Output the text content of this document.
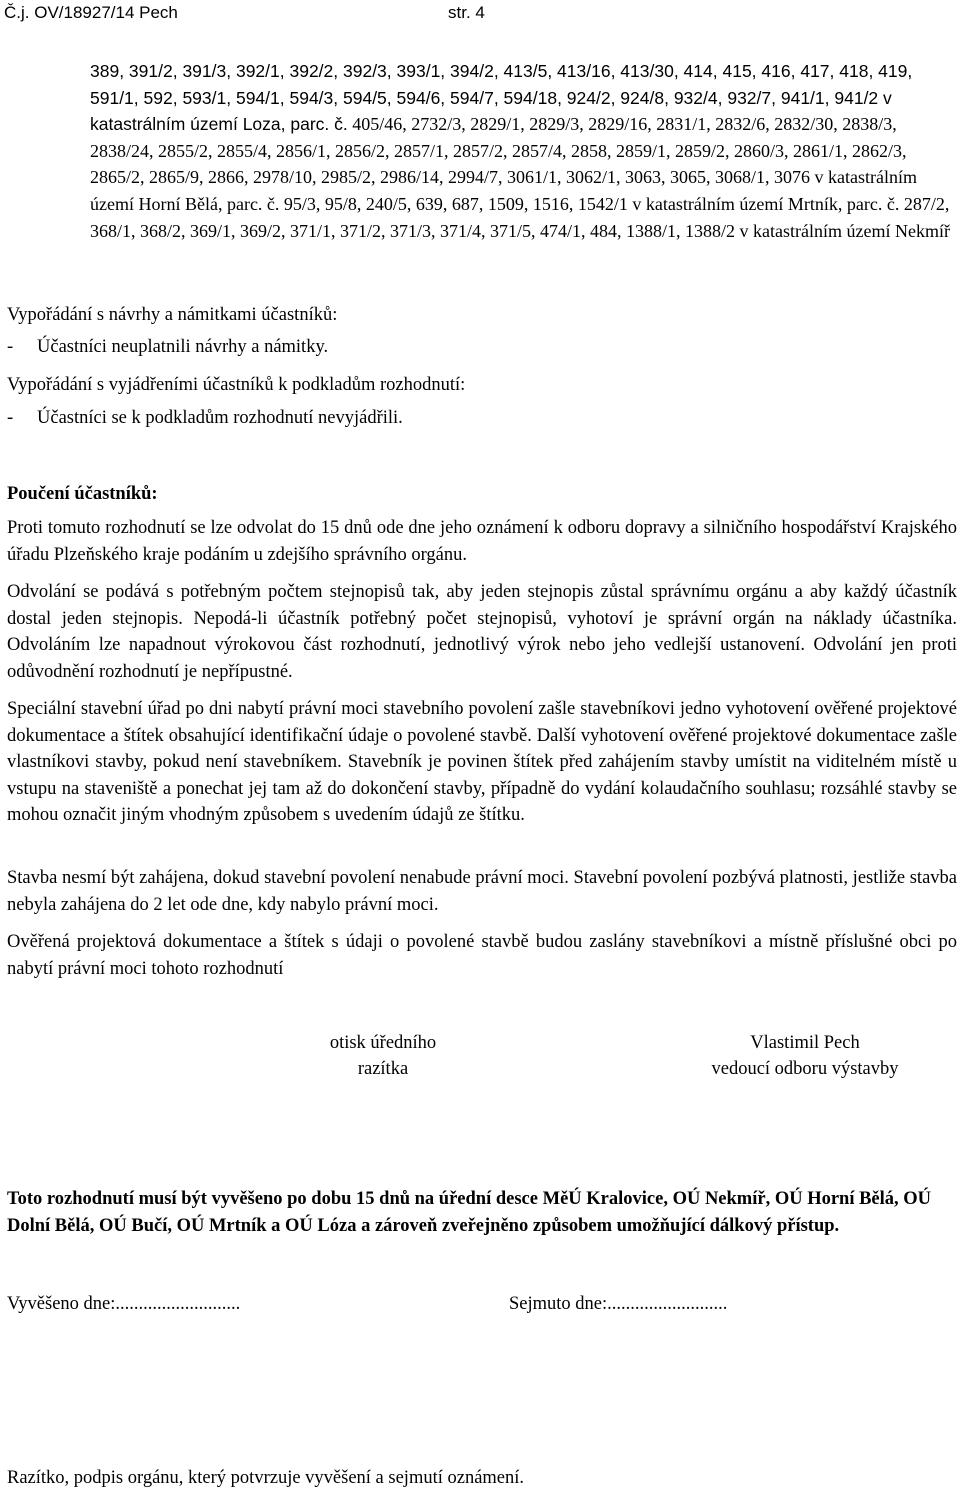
Č.j. OV/18927/14 Pech	str. 4
389, 391/2, 391/3, 392/1, 392/2, 392/3, 393/1, 394/2, 413/5, 413/16, 413/30, 414, 415, 416, 417, 418, 419, 591/1, 592, 593/1, 594/1, 594/3, 594/5, 594/6, 594/7, 594/18, 924/2, 924/8, 932/4, 932/7, 941/1, 941/2 v katastrálním území Loza, parc. č. 405/46, 2732/3, 2829/1, 2829/3, 2829/16, 2831/1, 2832/6, 2832/30, 2838/3, 2838/24, 2855/2, 2855/4, 2856/1, 2856/2, 2857/1, 2857/2, 2857/4, 2858, 2859/1, 2859/2, 2860/3, 2861/1, 2862/3, 2865/2, 2865/9, 2866, 2978/10, 2985/2, 2986/14, 2994/7, 3061/1, 3062/1, 3063, 3065, 3068/1, 3076 v katastrálním území Horní Bělá, parc. č. 95/3, 95/8, 240/5, 639, 687, 1509, 1516, 1542/1 v katastrálním území Mrtník, parc. č. 287/2, 368/1, 368/2, 369/1, 369/2, 371/1, 371/2, 371/3, 371/4, 371/5, 474/1, 484, 1388/1, 1388/2 v katastrálním území Nekmíř
Vypořádání s návrhy a námitkami účastníků:
- Účastníci neuplatnili návrhy a námitky.
Vypořádání s vyjádřeními účastníků k podkladům rozhodnutí:
- Účastníci se k podkladům rozhodnutí nevyjádřili.
Poučení účastníků:
Proti tomuto rozhodnutí se lze odvolat do 15 dnů ode dne jeho oznámení k odboru dopravy a silničního hospodářství Krajského úřadu Plzeňského kraje podáním u zdejšího správního orgánu.
Odvolání se podává s potřebným počtem stejnopisů tak, aby jeden stejnopis zůstal správnímu orgánu a aby každý účastník dostal jeden stejnopis. Nepodá-li účastník potřebný počet stejnopisů, vyhotoví je správní orgán na náklady účastníka. Odvoláním lze napadnout výrokovou část rozhodnutí, jednotlivý výrok nebo jeho vedlejší ustanovení. Odvolání jen proti odůvodnění rozhodnutí je nepřípustné.
Speciální stavební úřad po dni nabytí právní moci stavebního povolení zašle stavebníkovi jedno vyhotovení ověřené projektové dokumentace a štítek obsahující identifikační údaje o povolené stavbě. Další vyhotovení ověřené projektové dokumentace zašle vlastníkovi stavby, pokud není stavebníkem. Stavebník je povinen štítek před zahájením stavby umístit na viditelném místě u vstupu na staveniště a ponechat jej tam až do dokončení stavby, případně do vydání kolaudačního souhlasu; rozsáhlé stavby se mohou označit jiným vhodným způsobem s uvedením údajů ze štítku.
Stavba nesmí být zahájena, dokud stavební povolení nenabude právní moci. Stavební povolení pozbývá platnosti, jestliže stavba nebyla zahájena do 2 let ode dne, kdy nabylo právní moci.
Ověřená projektová dokumentace a štítek s údaji o povolené stavbě budou zaslány stavebníkovi a místně příslušné obci po nabytí právní moci tohoto rozhodnutí
otisk úředního
razítka
Vlastimil Pech
vedoucí odboru výstavby
Toto rozhodnutí musí být vyvěšeno po dobu 15 dnů na úřední desce MěÚ Kralovice, OÚ Nekmíř, OÚ Horní Bělá, OÚ Dolní Bělá, OÚ Bučí, OÚ Mrtník a OÚ Lóza a zároveň zveřejněno způsobem umožňující dálkový přístup.
Vyvěšeno dne:...........................	Sejmuto dne:..........................
Razítko, podpis orgánu, který potvrzuje vyvěšení a sejmutí oznámení.
